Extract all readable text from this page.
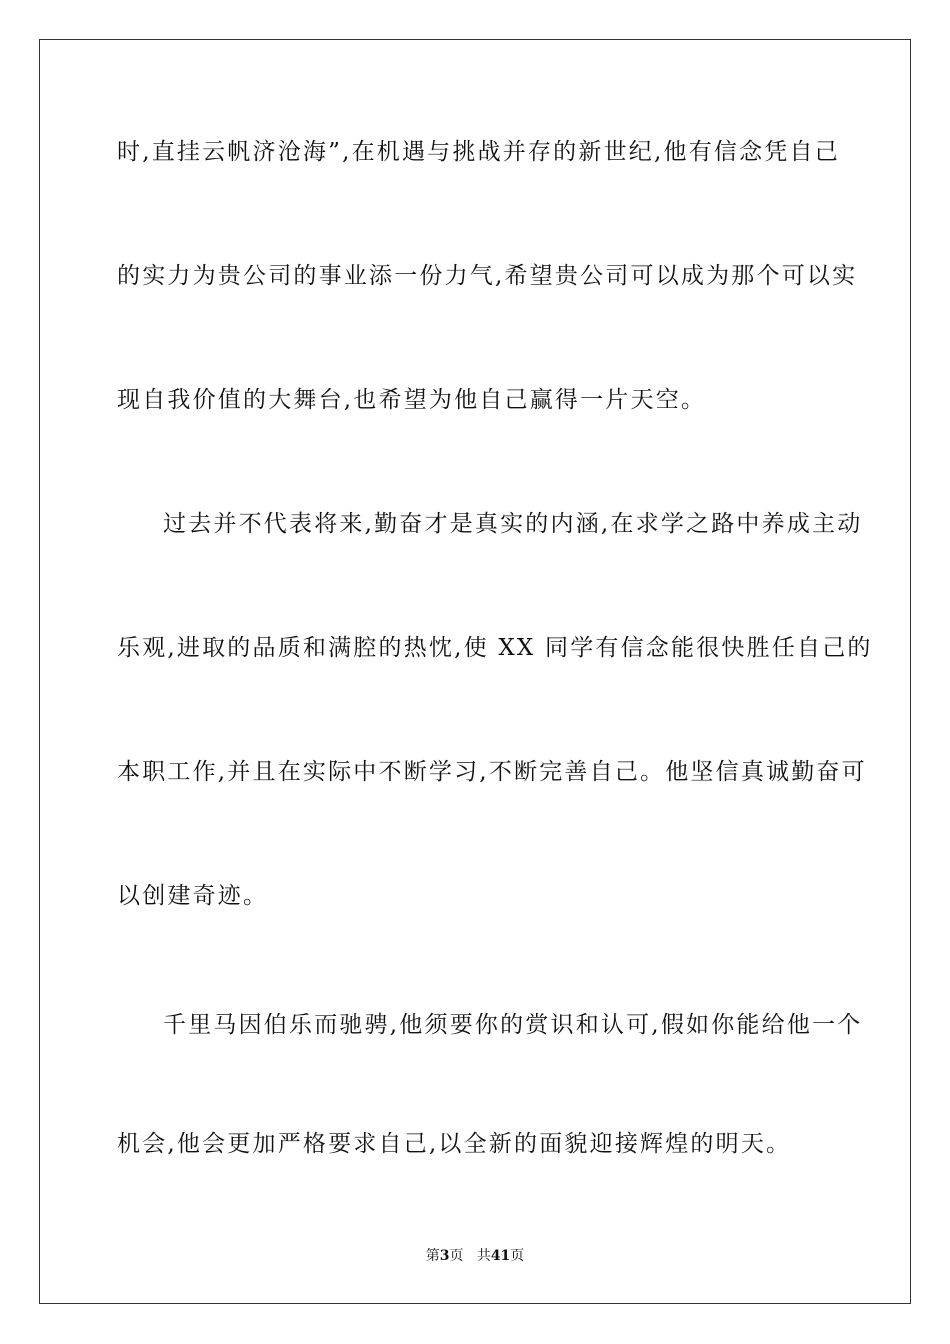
时,直挂云帆济沧海”,在机遇与挑战并存的新世纪,他有信念凭自己
的实力为贵公司的事业添一份力气,希望贵公司可以成为那个可以实
现自我价值的大舞台,也希望为他自己赢得一片天空。
过去并不代表将来,勤奋才是真实的内涵,在求学之路中养成主动
乐观,进取的品质和满腔的热忱,使 XX 同学有信念能很快胜任自己的
本职工作,并且在实际中不断学习,不断完善自己。他坚信真诚勤奋可
以创建奇迹。
千里马因伯乐而驰骋,他须要你的赏识和认可,假如你能给他一个
机会,他会更加严格要求自己,以全新的面貌迎接辉煌的明天。
第3页 共41页
